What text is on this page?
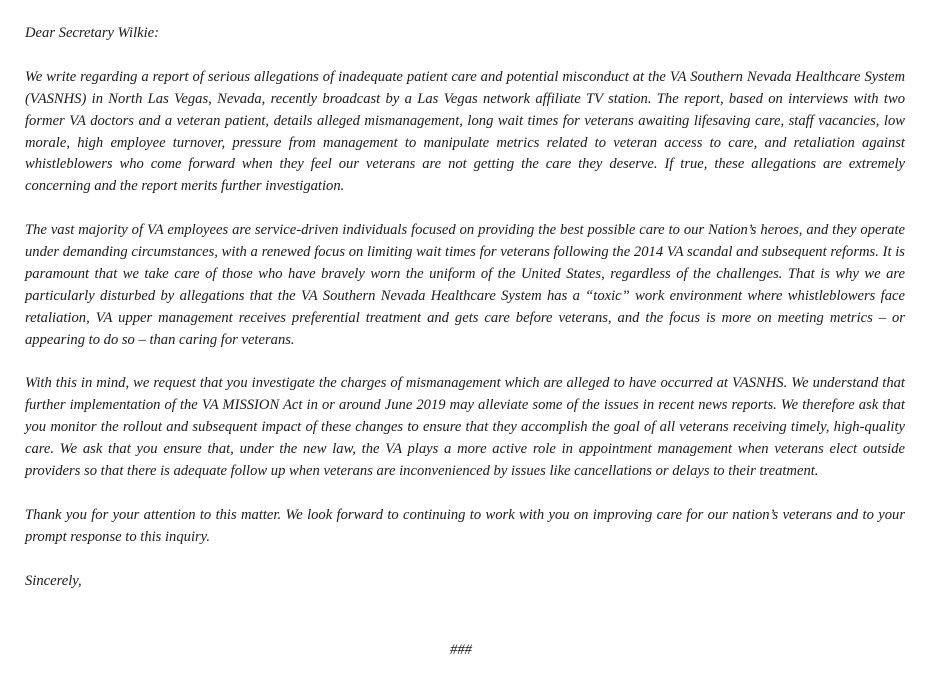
Dear Secretary Wilkie:

We write regarding a report of serious allegations of inadequate patient care and potential misconduct at the VA Southern Nevada Healthcare System (VASNHS) in North Las Vegas, Nevada, recently broadcast by a Las Vegas network affiliate TV station. The report, based on interviews with two former VA doctors and a veteran patient, details alleged mismanagement, long wait times for veterans awaiting lifesaving care, staff vacancies, low morale, high employee turnover, pressure from management to manipulate metrics related to veteran access to care, and retaliation against whistleblowers who come forward when they feel our veterans are not getting the care they deserve. If true, these allegations are extremely concerning and the report merits further investigation.

The vast majority of VA employees are service-driven individuals focused on providing the best possible care to our Nation’s heroes, and they operate under demanding circumstances, with a renewed focus on limiting wait times for veterans following the 2014 VA scandal and subsequent reforms. It is paramount that we take care of those who have bravely worn the uniform of the United States, regardless of the challenges. That is why we are particularly disturbed by allegations that the VA Southern Nevada Healthcare System has a “toxic” work environment where whistleblowers face retaliation, VA upper management receives preferential treatment and gets care before veterans, and the focus is more on meeting metrics – or appearing to do so – than caring for veterans.

With this in mind, we request that you investigate the charges of mismanagement which are alleged to have occurred at VASNHS. We understand that further implementation of the VA MISSION Act in or around June 2019 may alleviate some of the issues in recent news reports. We therefore ask that you monitor the rollout and subsequent impact of these changes to ensure that they accomplish the goal of all veterans receiving timely, high-quality care. We ask that you ensure that, under the new law, the VA plays a more active role in appointment management when veterans elect outside providers so that there is adequate follow up when veterans are inconvenienced by issues like cancellations or delays to their treatment.

Thank you for your attention to this matter. We look forward to continuing to work with you on improving care for our nation’s veterans and to your prompt response to this inquiry.

Sincerely,

###
